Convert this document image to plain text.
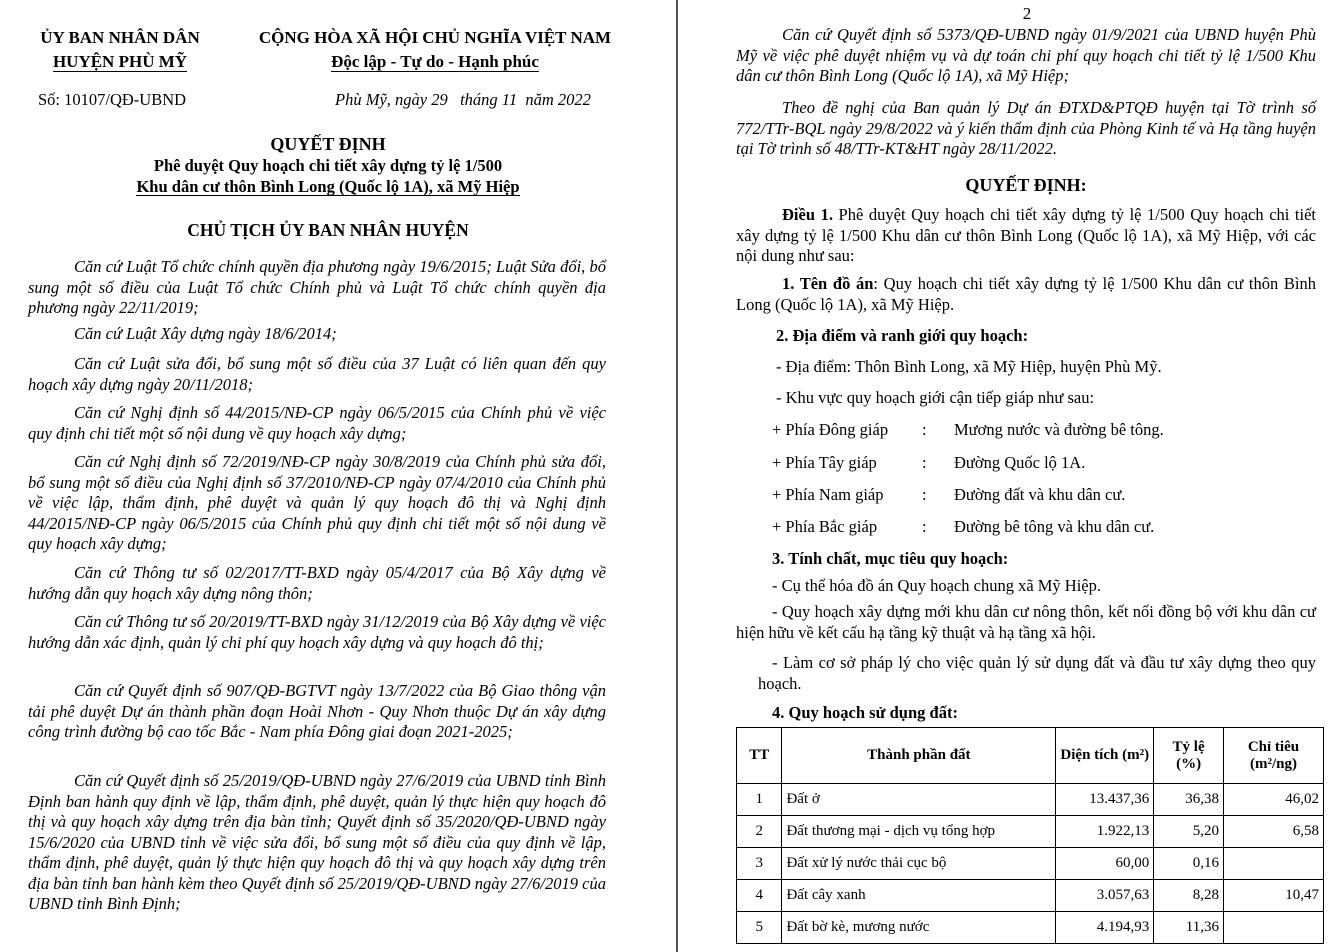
ỦY BAN NHÂN DÂN
HUYỆN PHÙ MỸ
CỘNG HÒA XÃ HỘI CHỦ NGHĨA VIỆT NAM
Độc lập - Tự do - Hạnh phúc
Số: 10107/QĐ-UBND	Phù Mỹ, ngày 29   tháng 11  năm 2022
QUYẾT ĐỊNH
Phê duyệt Quy hoạch chi tiết xây dựng tỷ lệ 1/500
Khu dân cư thôn Bình Long (Quốc lộ 1A), xã Mỹ Hiệp
CHỦ TỊCH ỦY BAN NHÂN HUYỆN
Căn cứ Luật Tổ chức chính quyền địa phương ngày 19/6/2015; Luật Sửa đổi, bổ sung một số điều của Luật Tổ chức Chính phủ và Luật Tổ chức chính quyền địa phương ngày 22/11/2019;
Căn cứ Luật Xây dựng ngày 18/6/2014;
Căn cứ Luật sửa đổi, bổ sung một số điều của 37 Luật có liên quan đến quy hoạch xây dựng ngày 20/11/2018;
Căn cứ Nghị định số 44/2015/NĐ-CP ngày 06/5/2015 của Chính phủ về việc quy định chi tiết một số nội dung về quy hoạch xây dựng;
Căn cứ Nghị định số 72/2019/NĐ-CP ngày 30/8/2019 của Chính phủ sửa đổi, bổ sung một số điều của Nghị định số 37/2010/NĐ-CP ngày 07/4/2010 của Chính phủ về việc lập, thẩm định, phê duyệt và quản lý quy hoạch đô thị và Nghị định 44/2015/NĐ-CP ngày 06/5/2015 của Chính phủ quy định chi tiết một số nội dung về quy hoạch xây dựng;
Căn cứ Thông tư số 02/2017/TT-BXD ngày 05/4/2017 của Bộ Xây dựng về hướng dẫn quy hoạch xây dựng nông thôn;
Căn cứ Thông tư số 20/2019/TT-BXD ngày 31/12/2019 của Bộ Xây dựng về việc hướng dẫn xác định, quản lý chi phí quy hoạch xây dựng và quy hoạch đô thị;
Căn cứ Quyết định số 907/QĐ-BGTVT ngày 13/7/2022 của Bộ Giao thông vận tải phê duyệt Dự án thành phần đoạn Hoài Nhơn - Quy Nhơn thuộc Dự án xây dựng công trình đường bộ cao tốc Bắc - Nam phía Đông giai đoạn 2021-2025;
Căn cứ Quyết định số 25/2019/QĐ-UBND ngày 27/6/2019 của UBND tỉnh Bình Định ban hành quy định về lập, thẩm định, phê duyệt, quản lý thực hiện quy hoạch đô thị và quy hoạch xây dựng trên địa bàn tỉnh; Quyết định số 35/2020/QĐ-UBND ngày 15/6/2020 của UBND tỉnh về việc sửa đổi, bổ sung một số điều của quy định về lập, thẩm định, phê duyệt, quản lý thực hiện quy hoạch đô thị và quy hoạch xây dựng trên địa bàn tỉnh ban hành kèm theo Quyết định số 25/2019/QĐ-UBND ngày 27/6/2019 của UBND tỉnh Bình Định;
2
Căn cứ Quyết định số 5373/QĐ-UBND ngày 01/9/2021 của UBND huyện Phù Mỹ về việc phê duyệt nhiệm vụ và dự toán chi phí quy hoạch chi tiết tỷ lệ 1/500 Khu dân cư thôn Bình Long (Quốc lộ 1A), xã Mỹ Hiệp;
Theo đề nghị của Ban quản lý Dự án ĐTXD&PTQĐ huyện tại Tờ trình số 772/TTr-BQL ngày 29/8/2022 và ý kiến thẩm định của Phòng Kinh tế và Hạ tầng huyện tại Tờ trình số 48/TTr-KT&HT ngày 28/11/2022.
QUYẾT ĐỊNH:
Điều 1. Phê duyệt Quy hoạch chi tiết xây dựng tỷ lệ 1/500 Quy hoạch chi tiết xây dựng tỷ lệ 1/500 Khu dân cư thôn Bình Long (Quốc lộ 1A), xã Mỹ Hiệp, với các nội dung như sau:
1. Tên đồ án: Quy hoạch chi tiết xây dựng tỷ lệ 1/500 Khu dân cư thôn Bình Long (Quốc lộ 1A), xã Mỹ Hiệp.
2. Địa điểm và ranh giới quy hoạch:
- Địa điểm: Thôn Bình Long, xã Mỹ Hiệp, huyện Phù Mỹ.
- Khu vực quy hoạch giới cận tiếp giáp như sau:
+ Phía Đông giáp : Mương nước và đường bê tông.
+ Phía Tây giáp	: Đường Quốc lộ 1A.
+ Phía Nam giáp : Đường đất và khu dân cư.
+ Phía Bắc giáp	: Đường bê tông và khu dân cư.
3. Tính chất, mục tiêu quy hoạch:
- Cụ thể hóa đồ án Quy hoạch chung xã Mỹ Hiệp.
- Quy hoạch xây dựng mới khu dân cư nông thôn, kết nối đồng bộ với khu dân cư hiện hữu về kết cấu hạ tầng kỹ thuật và hạ tầng xã hội.
- Làm cơ sở pháp lý cho việc quản lý sử dụng đất và đầu tư xây dựng theo quy hoạch.
4. Quy hoạch sử dụng đất:
TT	Thành phần đất	Diện tích (m²)	Tỷ lệ (%)	Chỉ tiêu (m²/ng)
1	Đất ở	13.437,36	36,38	46,02
2	Đất thương mại - dịch vụ tổng hợp	1.922,13	5,20	6,58
3	Đất xử lý nước thải cục bộ	60,00	0,16	
4	Đất cây xanh	3.057,63	8,28	10,47
5	Đất bờ kè, mương nước	4.194,93	11,36	
